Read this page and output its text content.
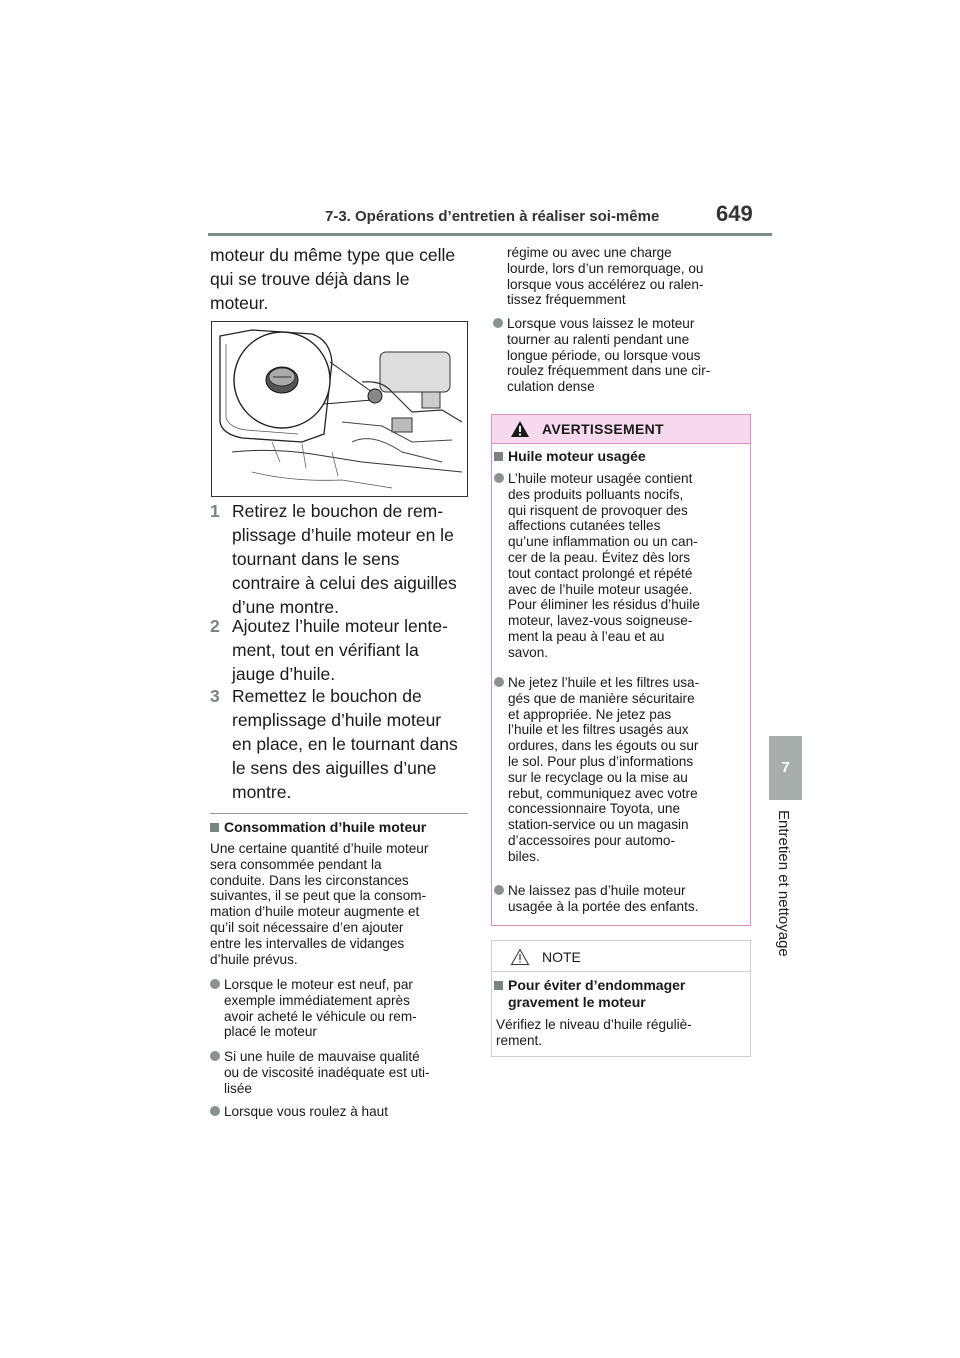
7-3. Opérations d’entretien à réaliser soi-même	649
7
Entretien et nettoyage
moteur du même type que celle
qui se trouve déjà dans le
moteur.
1 Retirez le bouchon de rem-
plissage d’huile moteur en le
tournant dans le sens
contraire à celui des aiguilles
d’une montre.
2 Ajoutez l’huile moteur lente-
ment, tout en vérifiant la
jauge d’huile.
3 Remettez le bouchon de
remplissage d’huile moteur
en place, en le tournant dans
le sens des aiguilles d’une
montre.
Consommation d’huile moteur
Une certaine quantité d’huile moteur
sera consommée pendant la
conduite. Dans les circonstances
suivantes, il se peut que la consom-
mation d’huile moteur augmente et
qu’il soit nécessaire d’en ajouter
entre les intervalles de vidanges
d’huile prévus.
Lorsque le moteur est neuf, par
exemple immédiatement après
avoir acheté le véhicule ou rem-
placé le moteur
Si une huile de mauvaise qualité
ou de viscosité inadéquate est uti-
lisée
Lorsque vous roulez à haut
régime ou avec une charge
lourde, lors d’un remorquage, ou
lorsque vous accélérez ou ralen-
tissez fréquemment
Lorsque vous laissez le moteur
tourner au ralenti pendant une
longue période, ou lorsque vous
roulez fréquemment dans une cir-
culation dense
AVERTISSEMENT
Huile moteur usagée
L’huile moteur usagée contient
des produits polluants nocifs,
qui risquent de provoquer des
affections cutanées telles
qu’une inflammation ou un can-
cer de la peau. Évitez dès lors
tout contact prolongé et répété
avec de l’huile moteur usagée.
Pour éliminer les résidus d’huile
moteur, lavez-vous soigneuse-
ment la peau à l’eau et au
savon.
Ne jetez l’huile et les filtres usa-
gés que de manière sécuritaire
et appropriée. Ne jetez pas
l’huile et les filtres usagés aux
ordures, dans les égouts ou sur
le sol. Pour plus d’informations
sur le recyclage ou la mise au
rebut, communiquez avec votre
concessionnaire Toyota, une
station-service ou un magasin
d’accessoires pour automo-
biles.
Ne laissez pas d’huile moteur
usagée à la portée des enfants.
NOTE
Pour éviter d’endommager
gravement le moteur
Vérifiez le niveau d’huile réguliè-
rement.
